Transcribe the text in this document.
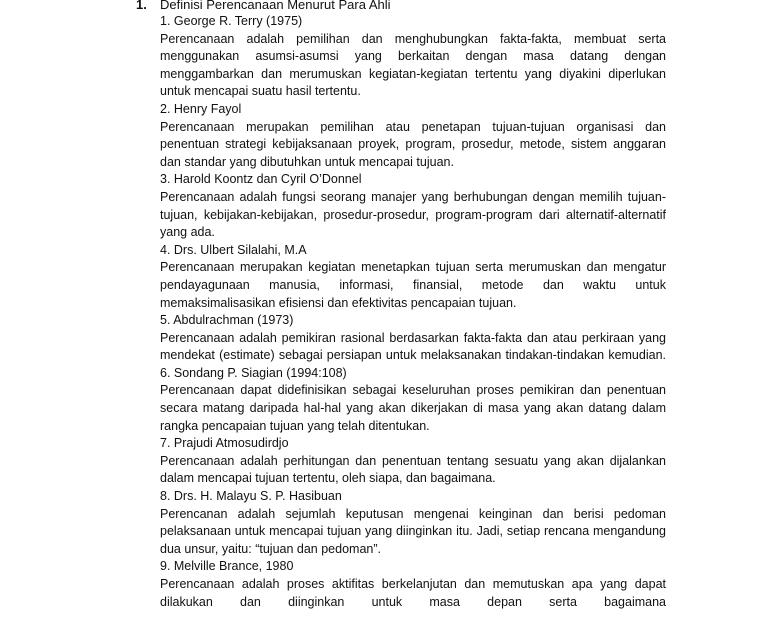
1. Definisi Perencanaan Menurut Para Ahli
1. George R. Terry (1975)

Perencanaan adalah pemilihan dan menghubungkan fakta-fakta, membuat serta menggunakan asumsi-asumsi yang berkaitan dengan masa datang dengan menggambarkan dan merumuskan kegiatan-kegiatan tertentu yang diyakini diperlukan untuk mencapai suatu hasil tertentu.

2. Henry Fayol

Perencanaan merupakan pemilihan atau penetapan tujuan-tujuan organisasi dan penentuan strategi kebijaksanaan proyek, program, prosedur, metode, sistem anggaran dan standar yang dibutuhkan untuk mencapai tujuan.

3. Harold Koontz dan Cyril O’Donnel

Perencanaan adalah fungsi seorang manajer yang berhubungan dengan memilih tujuan-tujuan, kebijakan-kebijakan, prosedur-prosedur, program-program dari alternatif-alternatif yang ada.

4. Drs. Ulbert Silalahi, M.A

Perencanaan merupakan kegiatan menetapkan tujuan serta merumuskan dan mengatur pendayagunaan manusia, informasi, finansial, metode dan waktu untuk memaksimalisasikan efisiensi dan efektivitas pencapaian tujuan.

5. Abdulrachman (1973)

Perencanaan adalah pemikiran rasional berdasarkan fakta-fakta dan atau perkiraan yang mendekat (estimate) sebagai persiapan untuk melaksanakan tindakan-tindakan kemudian.

6. Sondang P. Siagian (1994:108)

Perencanaan dapat didefinisikan sebagai keseluruhan proses pemikiran dan penentuan secara matang daripada hal-hal yang akan dikerjakan di masa yang akan datang dalam rangka pencapaian tujuan yang telah ditentukan.

7. Prajudi Atmosudirdjo

Perencanaan adalah perhitungan dan penentuan tentang sesuatu yang akan dijalankan dalam mencapai tujuan tertentu, oleh siapa, dan bagaimana.

8. Drs. H. Malayu S. P. Hasibuan

Perencanan adalah sejumlah keputusan mengenai keinginan dan berisi pedoman pelaksanaan untuk mencapai tujuan yang diinginkan itu. Jadi, setiap rencana mengandung dua unsur, yaitu: “tujuan dan pedoman”.

9. Melville Brance, 1980

Perencanaan adalah proses aktifitas berkelanjutan dan memutuskan apa yang dapat dilakukan dan diinginkan untuk masa depan serta bagaimana
